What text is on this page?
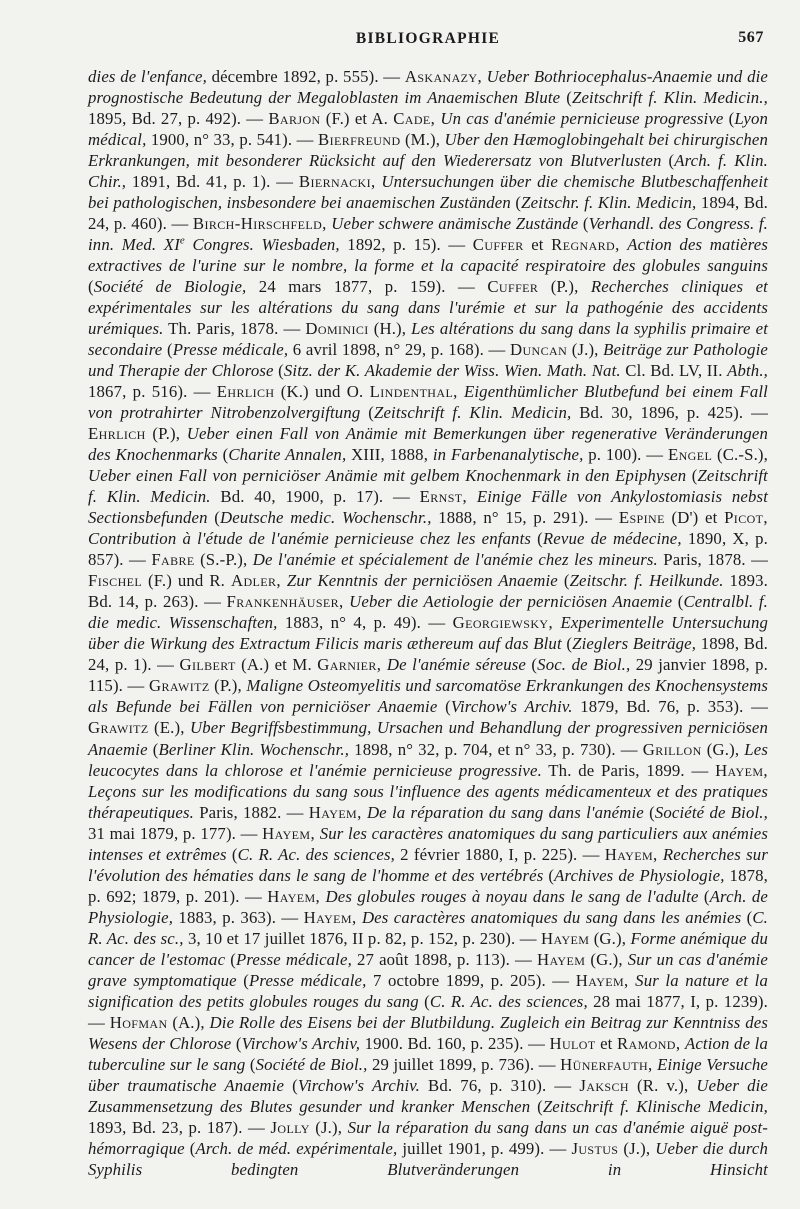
BIBLIOGRAPHIE	567
dies de l'enfance, décembre 1892, p. 555). — Askanazy, Ueber Bothriocephalus-Anaemie und die prognostische Bedeutung der Megaloblasten im Anaemischen Blute (Zeitschrift f. Klin. Medicin., 1895, Bd. 27, p. 492). — Barjon (F.) et A. Cade, Un cas d'anémie pernicieuse progressive (Lyon médical, 1900, n° 33, p. 541). — Bierfreund (M.), Uber den Hæmoglobingehalt bei chirurgischen Erkrankungen, mit besonderer Rücksicht auf den Wiederersatz von Blutverlusten (Arch. f. Klin. Chir., 1891, Bd. 41, p. 1). — Biernacki, Untersuchungen über die chemische Blutbeschaffenheit bei pathologischen, insbesondere bei anaemischen Zuständen (Zeitschr. f. Klin. Medicin, 1894, Bd. 24, p. 460). — Birch-Hirschfeld, Ueber schwere anämische Zustände (Verhandl. des Congress. f. inn. Med. XIe Congres. Wiesbaden, 1892, p. 15). — Cuffer et Regnard, Action des matières extractives de l'urine sur le nombre, la forme et la capacité respiratoire des globules sanguins (Société de Biologie, 24 mars 1877, p. 159). — Cuffer (P.), Recherches cliniques et expérimentales sur les altérations du sang dans l'urémie et sur la pathogénie des accidents urémiques. Th. Paris, 1878. — Dominici (H.), Les altérations du sang dans la syphilis primaire et secondaire (Presse médicale, 6 avril 1898, n° 29, p. 168). — Duncan (J.), Beiträge zur Pathologie und Therapie der Chlorose (Sitz. der K. Akademie der Wiss. Wien. Math. Nat. Cl. Bd. LV, II. Abth., 1867, p. 516). — Ehrlich (K.) und O. Lindenthal, Eigenthümlicher Blutbefund bei einem Fall von protrahirter Nitrobenzolvergiftung (Zeitschrift f. Klin. Medicin, Bd. 30, 1896, p. 425). — Ehrlich (P.), Ueber einen Fall von Anämie mit Bemerkungen über regenerative Veränderungen des Knochenmarks (Charite Annalen, XIII, 1888, in Farbenanalytische, p. 100). — Engel (C.-S.), Ueber einen Fall von perniciöser Anämie mit gelbem Knochenmark in den Epiphysen (Zeitschrift f. Klin. Medicin. Bd. 40, 1900, p. 17). — Ernst, Einige Fälle von Ankylostomiasis nebst Sectionsbefunden (Deutsche medic. Wochenschr., 1888, n° 15, p. 291). — Espine (D') et Picot, Contribution à l'étude de l'anémie pernicieuse chez les enfants (Revue de médecine, 1890, X, p. 857). — Fabre (S.-P.), De l'anémie et spécialement de l'anémie chez les mineurs. Paris, 1878. — Fischel (F.) und R. Adler, Zur Kenntnis der perniciösen Anaemie (Zeitschr. f. Heilkunde. 1893. Bd. 14, p. 263). — Frankenhäuser, Ueber die Aetiologie der perniciösen Anaemie (Centralbl. f. die medic. Wissenschaften, 1883, n° 4, p. 49). — Georgiewsky, Experimentelle Untersuchung über die Wirkung des Extractum Filicis maris æthereum auf das Blut (Zieglers Beiträge, 1898, Bd. 24, p. 1). — Gilbert (A.) et M. Garnier, De l'anémie séreuse (Soc. de Biol., 29 janvier 1898, p. 115). — Grawitz (P.), Maligne Osteomyelitis und sarcomatöse Erkrankungen des Knochensystems als Befunde bei Fällen von perniciöser Anaemie (Virchow's Archiv. 1879, Bd. 76, p. 353). — Grawitz (E.), Uber Begriffsbestimmung, Ursachen und Behandlung der progressiven perniciösen Anaemie (Berliner Klin. Wochenschr., 1898, n° 32, p. 704, et n° 33, p. 730). — Grillon (G.), Les leucocytes dans la chlorose et l'anémie pernicieuse progressive. Th. de Paris, 1899. — Hayem, Leçons sur les modifications du sang sous l'influence des agents médicamenteux et des pratiques thérapeutiques. Paris, 1882. — Hayem, De la réparation du sang dans l'anémie (Société de Biol., 31 mai 1879, p. 177). — Hayem, Sur les caractères anatomiques du sang particuliers aux anémies intenses et extrêmes (C. R. Ac. des sciences, 2 février 1880, I, p. 225). — Hayem, Recherches sur l'évolution des hématies dans le sang de l'homme et des vertébrés (Archives de Physiologie, 1878, p. 692; 1879, p. 201). — Hayem, Des globules rouges à noyau dans le sang de l'adulte (Arch. de Physiologie, 1883, p. 363). — Hayem, Des caractères anatomiques du sang dans les anémies (C. R. Ac. des sc., 3, 10 et 17 juillet 1876, II p. 82, p. 152, p. 230). — Hayem (G.), Forme anémique du cancer de l'estomac (Presse médicale, 27 août 1898, p. 113). — Hayem (G.), Sur un cas d'anémie grave symptomatique (Presse médicale, 7 octobre 1899, p. 205). — Hayem, Sur la nature et la signification des petits globules rouges du sang (C. R. Ac. des sciences, 28 mai 1877, I, p. 1239). — Hofman (A.), Die Rolle des Eisens bei der Blutbildung. Zugleich ein Beitrag zur Kenntniss des Wesens der Chlorose (Virchow's Archiv, 1900. Bd. 160, p. 235). — Hulot et Ramond, Action de la tuberculine sur le sang (Société de Biol., 29 juillet 1899, p. 736). — Hünerfauth, Einige Versuche über traumatische Anaemie (Virchow's Archiv. Bd. 76, p. 310). — Jaksch (R. v.), Ueber die Zusammensetzung des Blutes gesunder und kranker Menschen (Zeitschrift f. Klinische Medicin, 1893, Bd. 23, p. 187). — Jolly (J.), Sur la réparation du sang dans un cas d'anémie aiguë post-hémorragique (Arch. de méd. expérimentale, juillet 1901, p. 499). — Justus (J.), Ueber die durch Syphilis bedingten Blutveränderungen in Hinsicht
